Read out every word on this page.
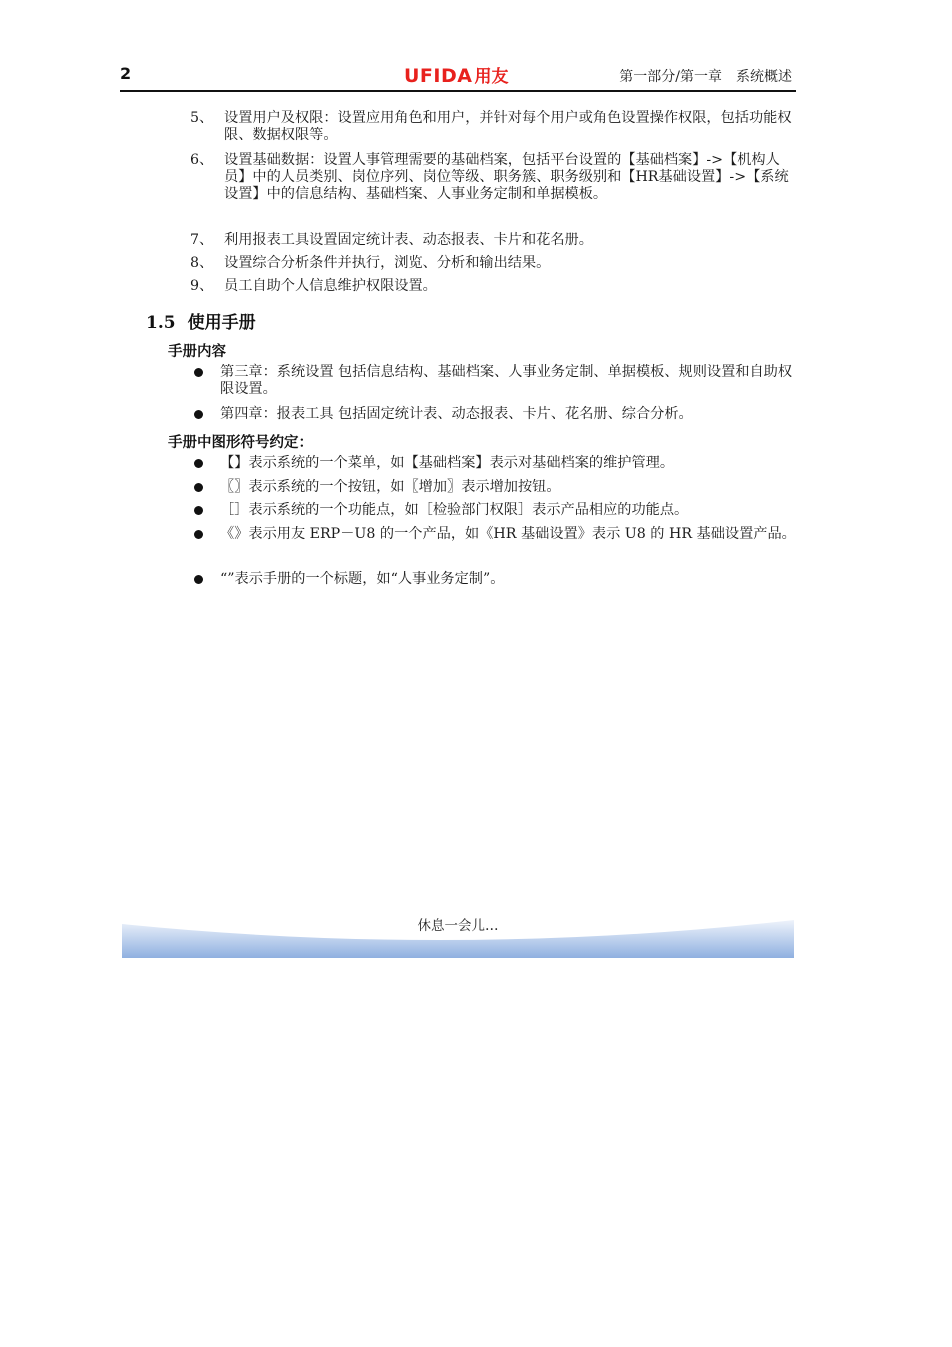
2	UFIDA 用友	第一部分/第一章　系统概述
5、 设置用户及权限：设置应用角色和用户，并针对每个用户或角色设置操作权限，包括功能权限、数据权限等。
6、 设置基础数据：设置人事管理需要的基础档案，包括平台设置的【基础档案】->【机构人员】中的人员类别、岗位序列、岗位等级、职务簇、职务级别和【HR基础设置】->【系统设置】中的信息结构、基础档案、人事业务定制和单据模板。
7、 利用报表工具设置固定统计表、动态报表、卡片和花名册。
8、 设置综合分析条件并执行，浏览、分析和输出结果。
9、 员工自助个人信息维护权限设置。
1.5 使用手册
手册内容
第三章：系统设置 包括信息结构、基础档案、人事业务定制、单据模板、规则设置和自助权限设置。
第四章：报表工具 包括固定统计表、动态报表、卡片、花名册、综合分析。
手册中图形符号约定：
【】表示系统的一个菜单，如【基础档案】表示对基础档案的维护管理。
〖〗表示系统的一个按钮，如〖增加〗表示增加按钮。
［］表示系统的一个功能点，如［检验部门权限］表示产品相应的功能点。
《》表示用友 ERP－U8 的一个产品，如《HR 基础设置》表示 U8 的 HR 基础设置产品。
“”表示手册的一个标题，如“人事业务定制”。
休息一会儿…
